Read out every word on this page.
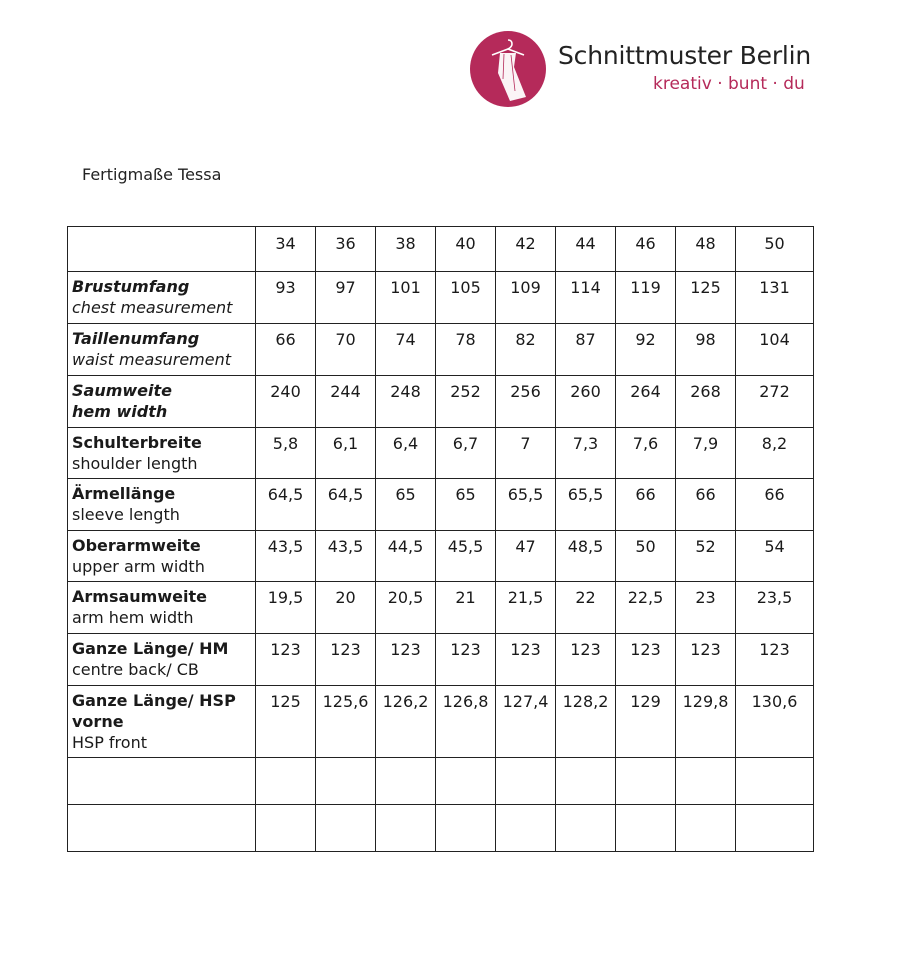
Schnittmuster Berlin
kreativ · bunt · du
Fertigmaße Tessa
	34	36	38	40	42	44	46	48	50

Brustumfang
chest measurement	93	97	101	105	109	114	119	125	131

Taillenumfang
waist measurement	66	70	74	78	82	87	92	98	104

Saumweite
hem width	240	244	248	252	256	260	264	268	272

Schulterbreite
shoulder length	5,8	6,1	6,4	6,7	7	7,3	7,6	7,9	8,2

Ärmellänge
sleeve length	64,5	64,5	65	65	65,5	65,5	66	66	66

Oberarmweite
upper arm width	43,5	43,5	44,5	45,5	47	48,5	50	52	54

Armsaumweite
arm hem width	19,5	20	20,5	21	21,5	22	22,5	23	23,5

Ganze Länge/ HM
centre back/ CB	123	123	123	123	123	123	123	123	123

Ganze Länge/ HSP vorne
HSP front	125	125,6	126,2	126,8	127,4	128,2	129	129,8	130,6
